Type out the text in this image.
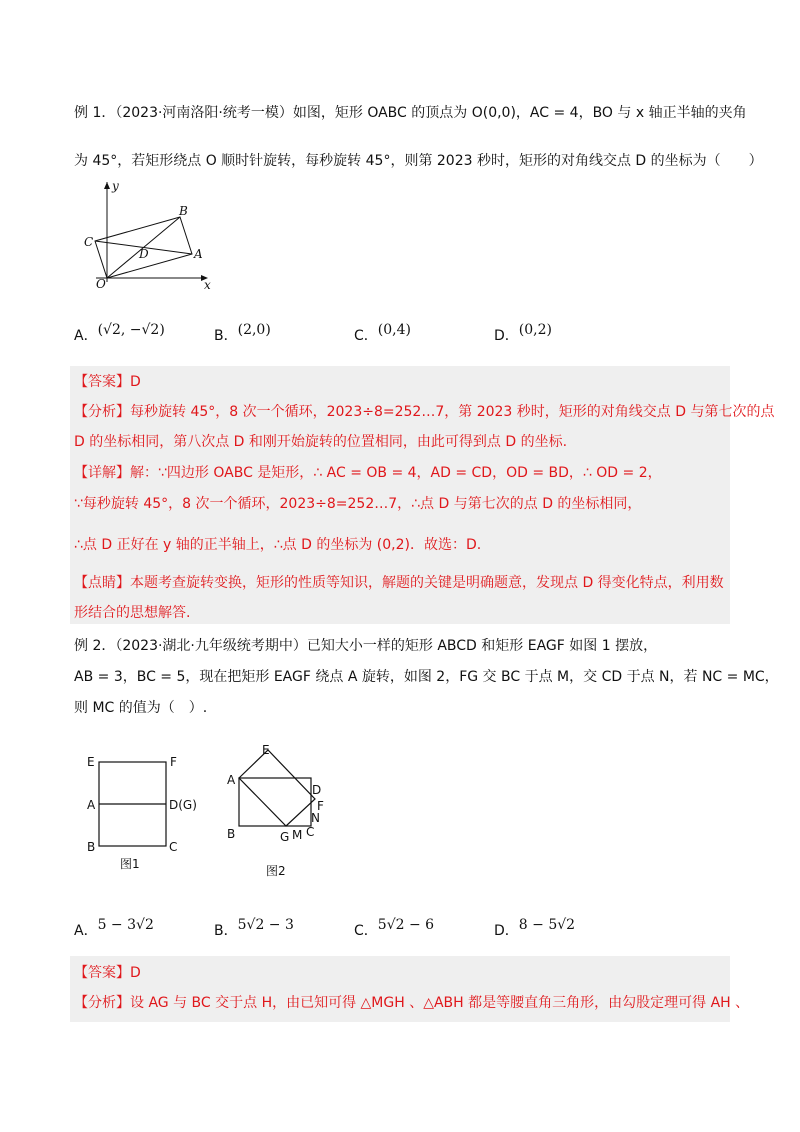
例 1．（2023·河南洛阳·统考一模）如图，矩形 OABC 的顶点为 O(0,0)，AC = 4，BO 与 x 轴正半轴的夹角
为 45°，若矩形绕点 O 顺时针旋转，每秒旋转 45°，则第 2023 秒时，矩形的对角线交点 D 的坐标为（　　）
y
x
O
A
B
C
D
A．(√2, −√2)	B．(2,0)	C．(0,4)	D．(0,2)
【答案】D
【分析】每秒旋转 45°，8 次一个循环，2023÷8=252…7，第 2023 秒时，矩形的对角线交点 D 与第七次的点
D 的坐标相同，第八次点 D 和刚开始旋转的位置相同，由此可得到点 D 的坐标.
【详解】解：∵四边形 OABC 是矩形，∴ AC = OB = 4，AD = CD，OD = BD，∴ OD = 2，
∵每秒旋转 45°，8 次一个循环，2023÷8=252…7，∴点 D 与第七次的点 D 的坐标相同，
∴点 D 正好在 y 轴的正半轴上，∴点 D 的坐标为 (0,2)．故选：D.
【点睛】本题考查旋转变换，矩形的性质等知识，解题的关键是明确题意，发现点 D 得变化特点，利用数
形结合的思想解答.
例 2．（2023·湖北·九年级统考期中）已知大小一样的矩形 ABCD 和矩形 EAGF 如图 1 摆放，
AB = 3，BC = 5，现在把矩形 EAGF 绕点 A 旋转，如图 2，FG 交 BC 于点 M，交 CD 于点 N，若 NC = MC，
则 MC 的值为（　）.
E	F
A	D(G)
B	C
图1
E
A
D
F
N
B	G M C
图2
A．5 − 3√2	B．5√2 − 3	C．5√2 − 6	D．8 − 5√2
【答案】D
【分析】设 AG 与 BC 交于点 H，由已知可得 △MGH 、△ABH 都是等腰直角三角形，由勾股定理可得 AH 、
